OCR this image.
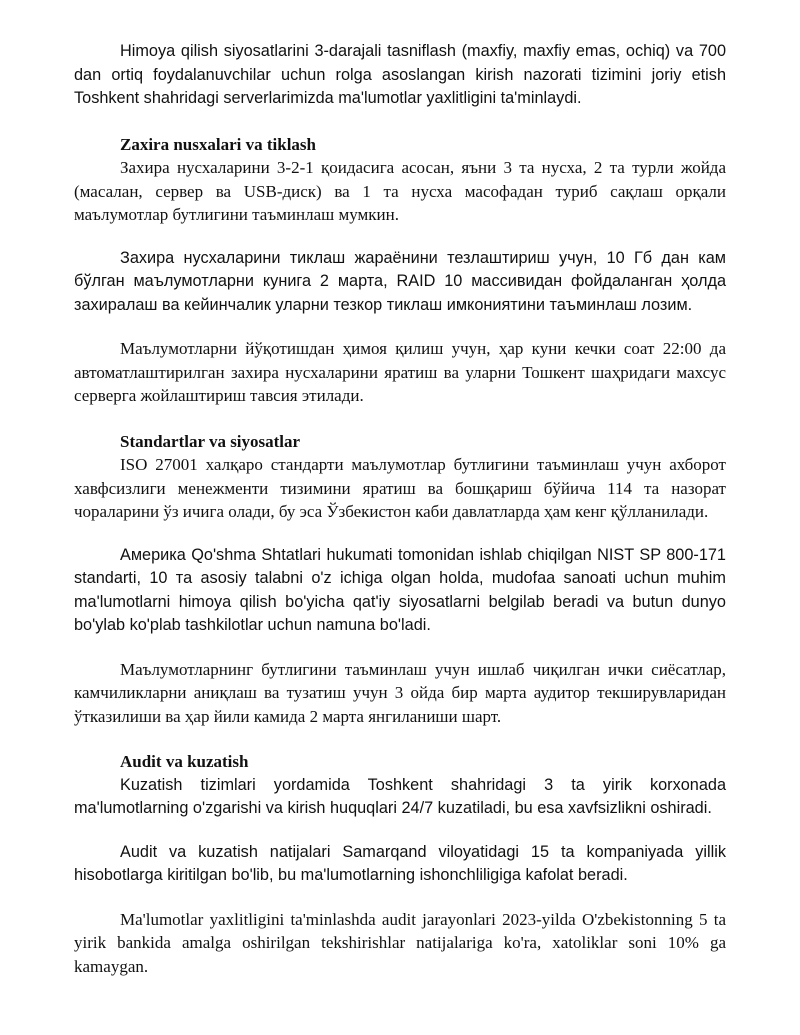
Himoya qilish siyosatlarini 3-darajali tasniflash (maxfiy, maxfiy emas, ochiq) va 700 dan ortiq foydalanuvchilar uchun rolga asoslangan kirish nazorati tizimini joriy etish Toshkent shahridagi serverlarimizda ma'lumotlar yaxlitligini ta'minlaydi.

Zaxira nusxalari va tiklash

Захира нусхаларини 3-2-1 қоидасига асосан, яъни 3 та нусха, 2 та турли жойда (масалан, сервер ва USB-диск) ва 1 та нусха масофадан туриб сақлаш орқали маълумотлар бутлигини таъминлаш мумкин.

Захира нусхаларини тиклаш жараёнини тезлаштириш учун, 10 Гб дан кам бўлган маълумотларни кунига 2 марта, RAID 10 массивидан фойдаланган ҳолда захиралаш ва кейинчалик уларни тезкор тиклаш имкониятини таъминлаш лозим.

Маълумотларни йўқотишдан ҳимоя қилиш учун, ҳар куни кечки соат 22:00 да автоматлаштирилган захира нусхаларини яратиш ва уларни Тошкент шаҳридаги махсус серверга жойлаштириш тавсия этилади.

Standartlar va siyosatlar

ISO 27001 халқаро стандарти маълумотлар бутлигини таъминлаш учун ахборот хавфсизлиги менежменти тизимини яратиш ва бошқариш бўйича 114 та назорат чораларини ўз ичига олади, бу эса Ўзбекистон каби давлатларда ҳам кенг қўлланилади.

Америка Qo'shma Shtatlari hukumati tomonidan ishlab chiqilgan NIST SP 800-171 standarti, 10 та asosiy talabni o'z ichiga olgan holda, mudofaa sanoati uchun muhim ma'lumotlarni himoya qilish bo'yicha qat'iy siyosatlarni belgilab beradi va butun dunyo bo'ylab ko'plab tashkilotlar uchun namuna bo'ladi.

Маълумотларнинг бутлигини таъминлаш учун ишлаб чиқилган ички сиёсатлар, камчиликларни аниқлаш ва тузатиш учун 3 ойда бир марта аудитор текширувларидан ўтказилиши ва ҳар йили камида 2 марта янгиланиши шарт.

Audit va kuzatish

Kuzatish tizimlari yordamida Toshkent shahridagi 3 ta yirik korxonada ma'lumotlarning o'zgarishi va kirish huquqlari 24/7 kuzatiladi, bu esa xavfsizlikni oshiradi.

Audit va kuzatish natijalari Samarqand viloyatidagi 15 ta kompaniyada yillik hisobotlarga kiritilgan bo'lib, bu ma'lumotlarning ishonchliligiga kafolat beradi.

Ma'lumotlar yaxlitligini ta'minlashda audit jarayonlari 2023-yilda O'zbekistonning 5 ta yirik bankida amalga oshirilgan tekshirishlar natijalariga ko'ra, xatoliklar soni 10% ga kamaygan.
